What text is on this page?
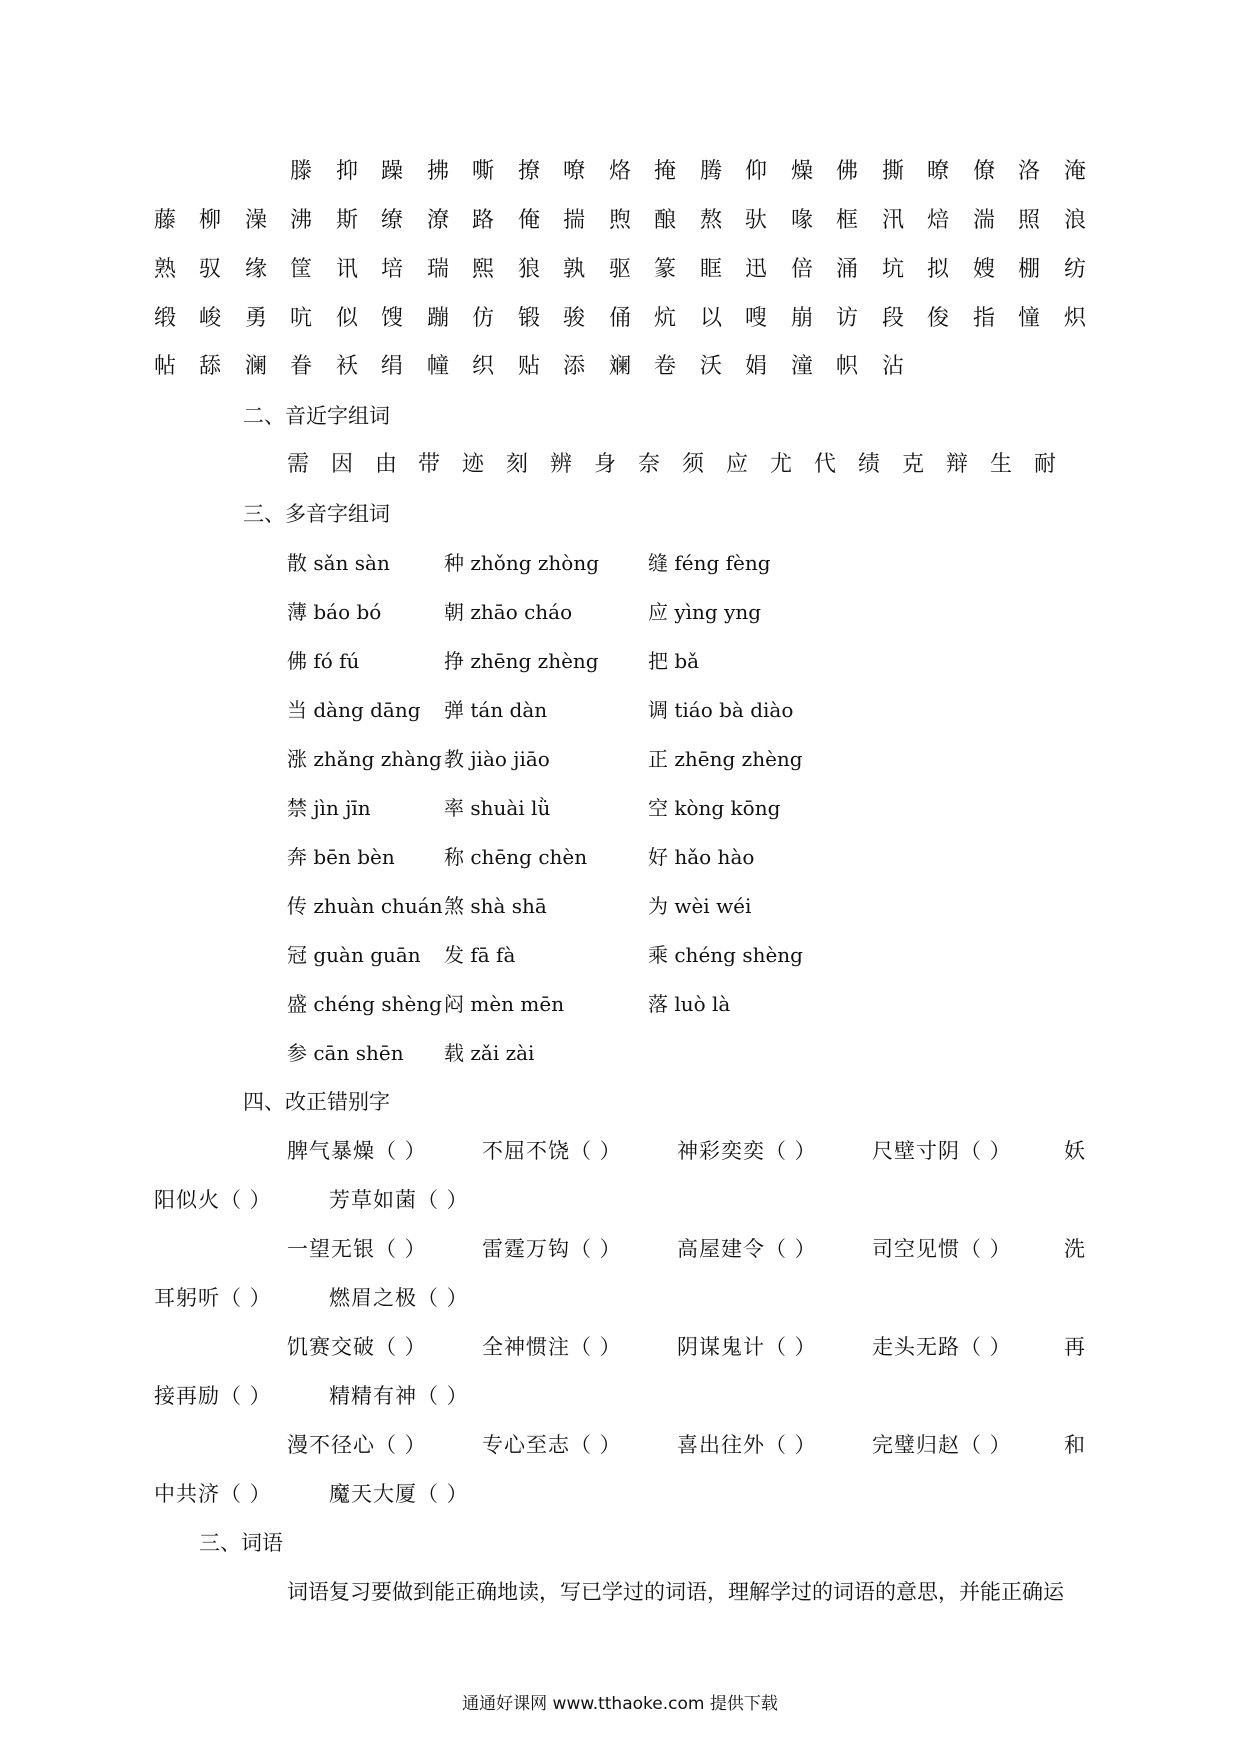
滕 抑 躁 拂 嘶 撩 嘹 烙 掩 腾 仰 燥 佛 撕 暸 僚 洛 淹
藤 柳 澡 沸 斯 缭 潦 路 俺 揣 煦 酿 熬 驮 喙 框 汛 焙 湍 照 浪
熟 驭 缘 筐 讯 培 瑞 熙 狼 孰 驱 篆 眶 迅 倍 涌 坑 拟 嫂 棚 纺
缎 峻 勇 吭 似 馊 蹦 仿 锻 骏 俑 炕 以 嗖 崩 访 段 俊 指 憧 炽
帖 舔 澜 眷 袄 绢 幢 织 贴 添 斓 卷 沃 娟 潼 帜 沾
二、音近字组词
需 因 由 带 迹 刻 辨 身 奈 须 应 尤 代 绩 克 辩 生 耐
三、多音字组词
散 sǎn sàn	种 zhǒng zhòng 缝 féng fèng
薄 báo bó	朝 zhāo cháo	应 yìng yng
佛 fó fú	挣 zhēng zhèng 把 bǎ
当 dàng dāng 弹 tán dàn	调 tiáo bà diào
涨 zhǎng zhàng 教 jiào jiāo	正 zhēng zhèng
禁 jìn jīn	率 shuài lǜ	空 kòng kōng
奔 bēn bèn 称 chēng chèn	好 hǎo hào
传 zhuàn chuán 煞 shà shā	为 wèi wéi
冠 guàn guān 发 fā fà	乘 chéng shèng
盛 chéng shèng 闷 mèn mēn	落 luò là
参 cān shēn 载 zǎi zài
四、改正错别字
脾气暴燥（ ）	不屈不饶（ ）	神彩奕奕（ ）	尺壁寸阴（ ） 妖
阳似火（ ）	芳草如菌（ ）
一望无银（ ）	雷霆万钩（ ）	高屋建令（ ）	司空见惯（ ） 洗
耳躬听（ ）	燃眉之极（ ）
饥赛交破（ ）	全神惯注（ ）	阴谋鬼计（ ）	走头无路（ ） 再
接再励（ ）	精精有神（ ）
漫不径心（ ）	专心至志（ ）	喜出往外（ ）	完璧归赵（ ） 和
中共济（ ）	魔天大厦（ ）
三、词语
词语复习要做到能正确地读，写已学过的词语，理解学过的词语的意思，并能正确运
通通好课网 www.tthaoke.com 提供下载
